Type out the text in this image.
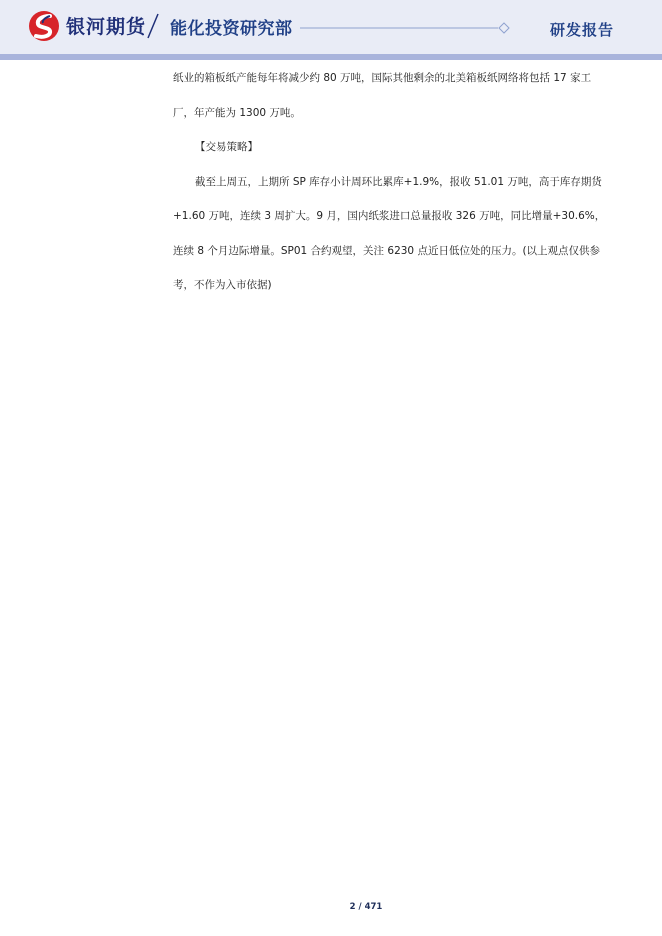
银河期货 能化投资研究部	研发报告

纸业的箱板纸产能每年将减少约 80 万吨，国际其他剩余的北美箱板纸网络将包括 17 家工

厂，年产能为 1300 万吨。

【交易策略】

截至上周五，上期所 SP 库存小计周环比累库+1.9%，报收 51.01 万吨，高于库存期货

+1.60 万吨，连续 3 周扩大。9 月，国内纸浆进口总量报收 326 万吨，同比增量+30.6%，

连续 8 个月边际增量。SP01 合约观望，关注 6230 点近日低位处的压力。(以上观点仅供参

考，不作为入市依据)

2 / 471
